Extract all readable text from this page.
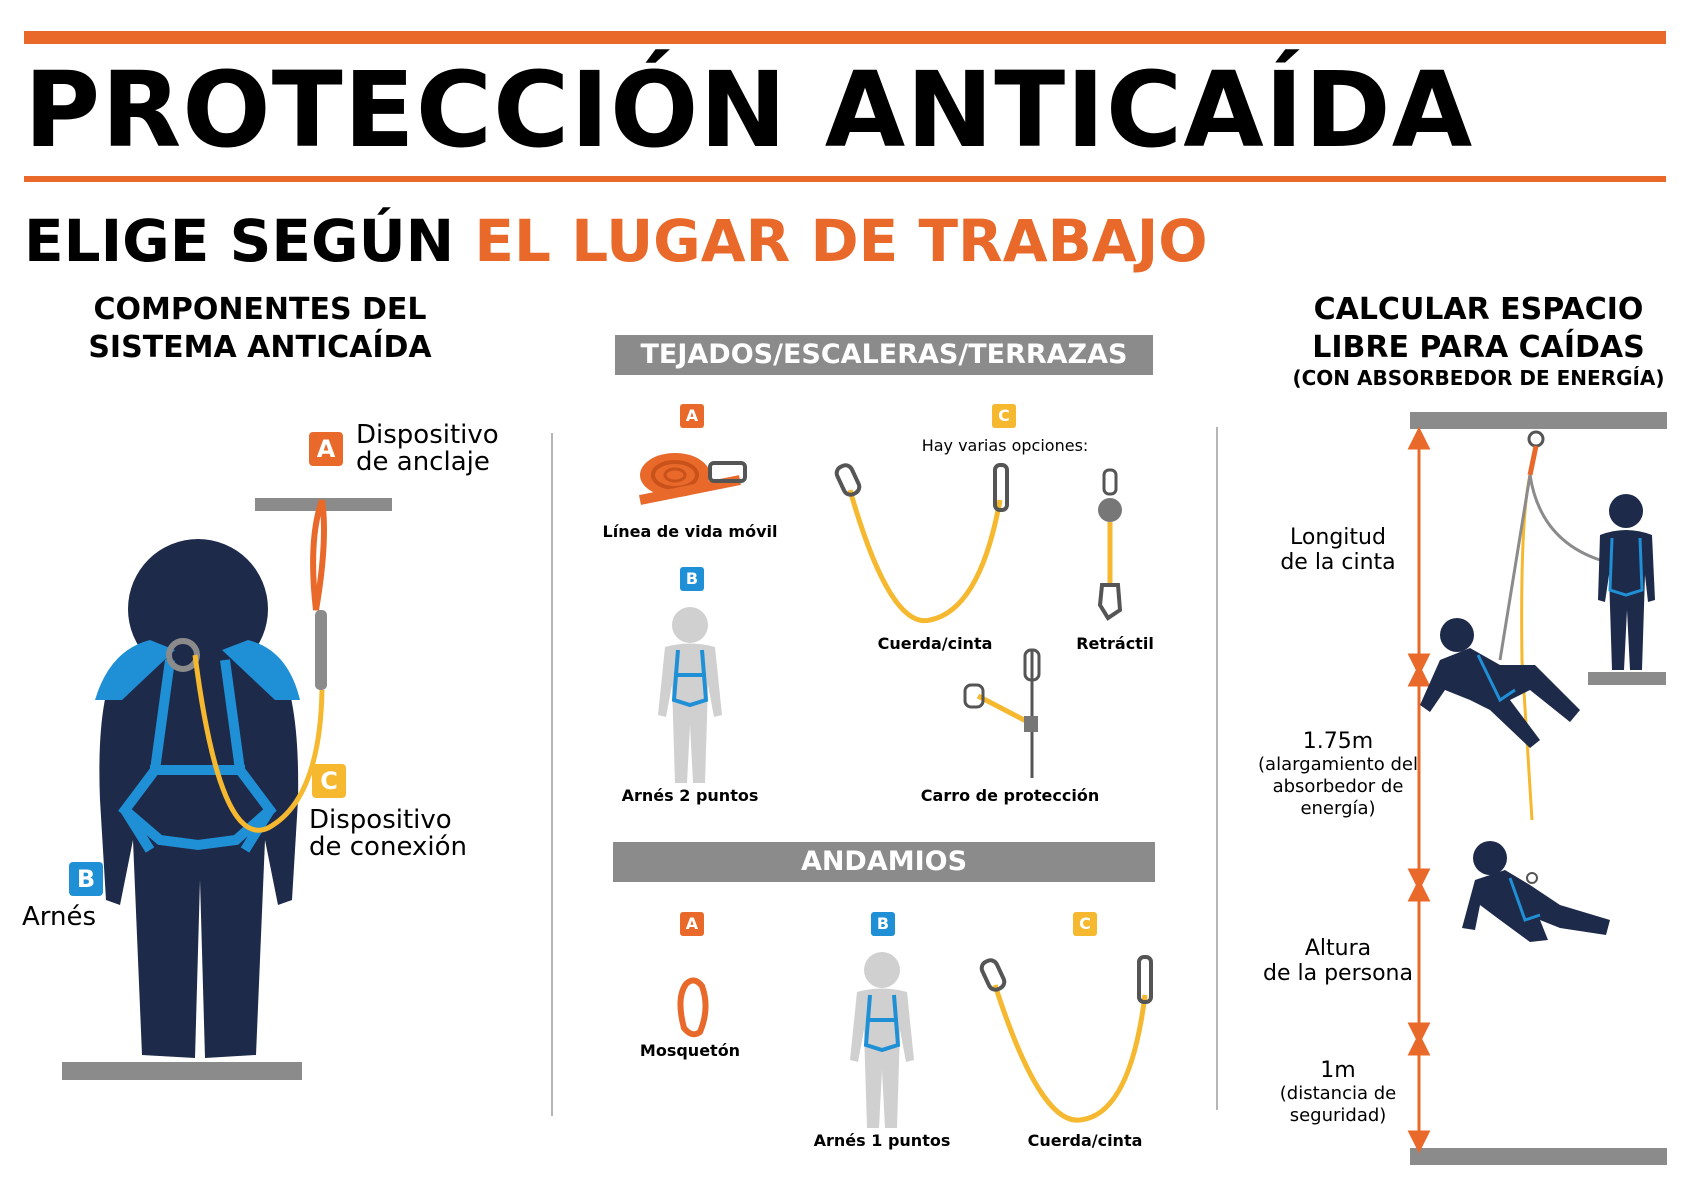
PROTECCIÓN ANTICAÍDA
ELIGE SEGÚN EL LUGAR DE TRABAJO
COMPONENTES DEL
SISTEMA ANTICAÍDA
A Dispositivo
de anclaje
C
Dispositivo
de conexión
B
Arnés
TEJADOS/ESCALERAS/TERRAZAS
A
Línea de vida móvil
B
Arnés 2 puntos
C
Hay varias opciones:
Cuerda/cinta	Retráctil
Carro de protección
ANDAMIOS
A
Mosquetón
B
Arnés 1 puntos
C
Cuerda/cinta
CALCULAR ESPACIO
LIBRE PARA CAÍDAS
(CON ABSORBEDOR DE ENERGÍA)
Longitud
de la cinta
1.75m
(alargamiento del absorbedor de energía)
Altura
de la persona
1m
(distancia de seguridad)
